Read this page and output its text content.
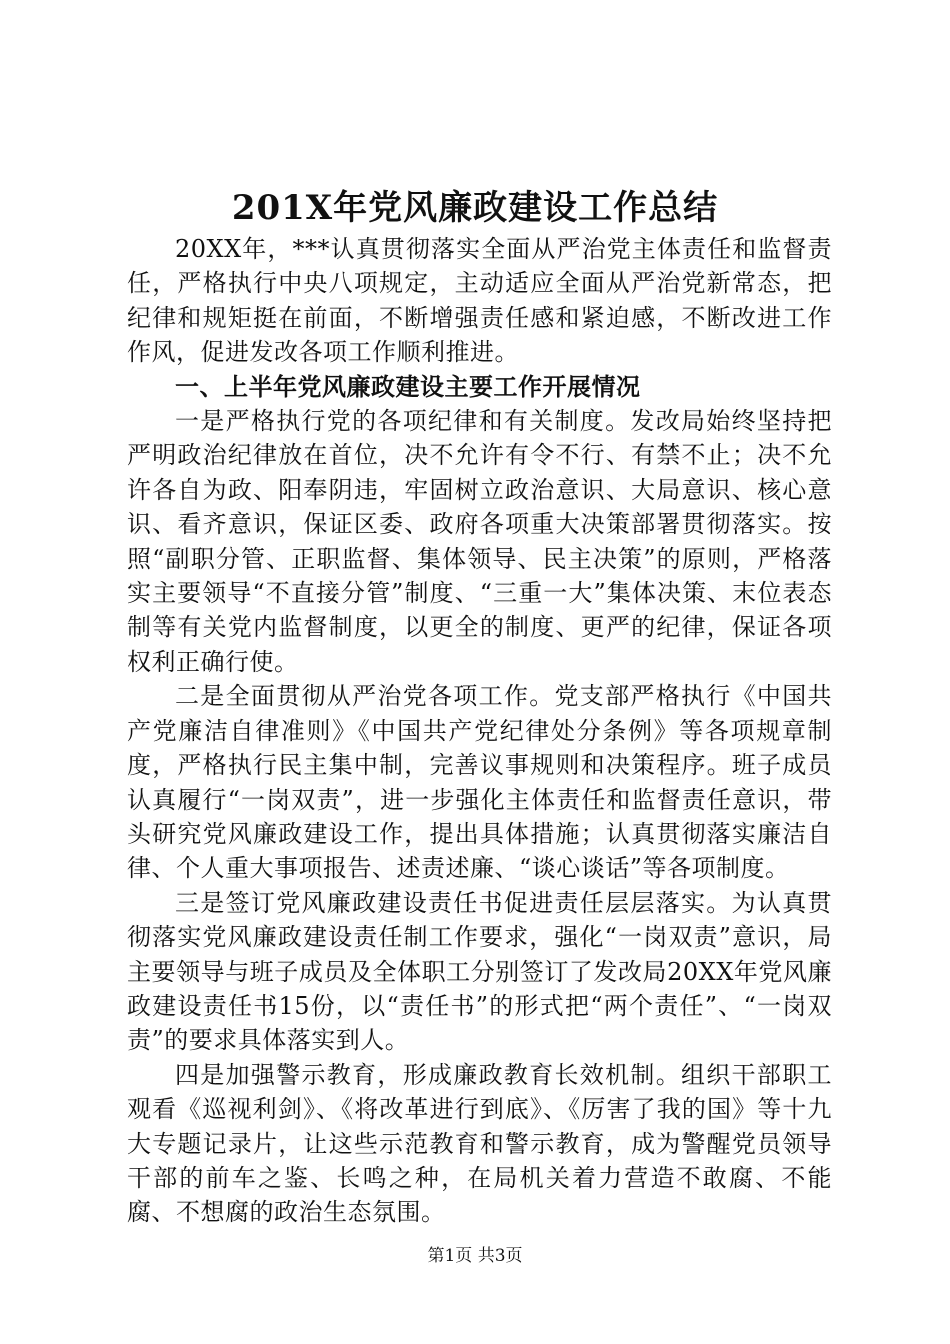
201X年党风廉政建设工作总结

20XX年，***认真贯彻落实全面从严治党主体责任和监督责任，严格执行中央八项规定，主动适应全面从严治党新常态，把纪律和规矩挺在前面，不断增强责任感和紧迫感，不断改进工作作风，促进发改各项工作顺利推进。

一、上半年党风廉政建设主要工作开展情况

一是严格执行党的各项纪律和有关制度。发改局始终坚持把严明政治纪律放在首位，决不允许有令不行、有禁不止；决不允许各自为政、阳奉阴违，牢固树立政治意识、大局意识、核心意识、看齐意识，保证区委、政府各项重大决策部署贯彻落实。按照“副职分管、正职监督、集体领导、民主决策”的原则，严格落实主要领导“不直接分管”制度、“三重一大”集体决策、末位表态制等有关党内监督制度，以更全的制度、更严的纪律，保证各项权利正确行使。

二是全面贯彻从严治党各项工作。党支部严格执行《中国共产党廉洁自律准则》《中国共产党纪律处分条例》等各项规章制度，严格执行民主集中制，完善议事规则和决策程序。班子成员认真履行“一岗双责”，进一步强化主体责任和监督责任意识，带头研究党风廉政建设工作，提出具体措施；认真贯彻落实廉洁自律、个人重大事项报告、述责述廉、“谈心谈话”等各项制度。

三是签订党风廉政建设责任书促进责任层层落实。为认真贯彻落实党风廉政建设责任制工作要求，强化“一岗双责”意识，局主要领导与班子成员及全体职工分别签订了发改局20XX年党风廉政建设责任书15份，以“责任书”的形式把“两个责任”、“一岗双责”的要求具体落实到人。

四是加强警示教育，形成廉政教育长效机制。组织干部职工观看《巡视利剑》、《将改革进行到底》、《厉害了我的国》等十九大专题记录片，让这些示范教育和警示教育，成为警醒党员领导干部的前车之鉴、长鸣之种，在局机关着力营造不敢腐、不能腐、不想腐的政治生态氛围。

第1页 共3页
